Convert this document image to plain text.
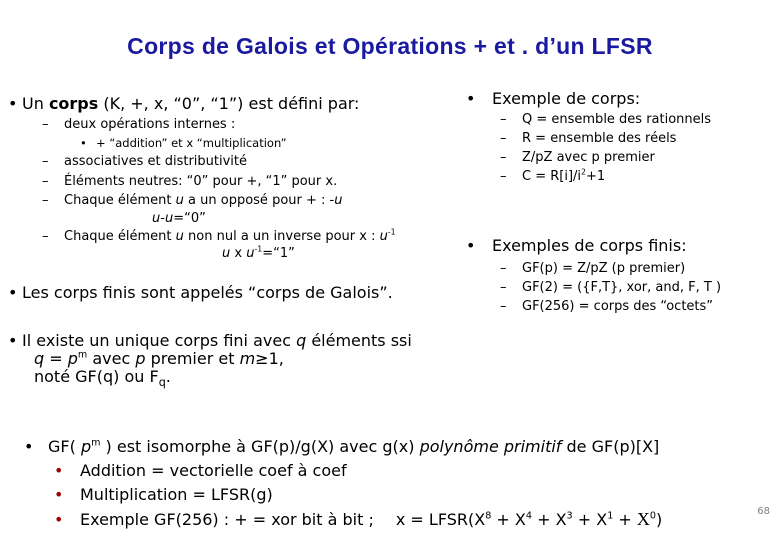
Corps de Galois et Opérations + et . d’un LFSR
• Un corps (K, +, x, “0”, “1”) est défini par:
– deux opérations internes :
• + “addition” et x “multiplication”
– associatives et distributivité
– Éléments neutres: “0” pour +, “1” pour x.
– Chaque élément u a un opposé pour + : -u
u-u=“0”
– Chaque élément u non nul a un inverse pour x : $u^{-1}$
u x $u^{-1}=“1$”
• Les corps finis sont appelés “corps de Galois”.
• Exemple de corps:
– Q = ensemble des rationnels
– R = ensemble des réels
– Z/pZ avec p premier
– $C = R[i]/i^2+1$
• Exemples de corps finis:
– GF(p) = Z/pZ (p premier)
– GF(2) = ({F,T}, xor, and, F, T )
– GF(256) = corps des “octets”
• Il existe un unique corps fini avec q éléments ssi
$q = p^m$ avec p premier et m≥1,
noté GF(q) ou $F_q$.
• GF( $p^m$ ) est isomorphe à GF(p)/g(X) avec g(x) polynôme primitif de GF(p)[X]
• Addition = vectorielle coef à coef
• Multiplication = LFSR(g)
• Exemple GF(256) : + = xor bit à bit ; $x = LFSR(X^8 + X^4 + X^3 + X^1 + X^0)$	68
